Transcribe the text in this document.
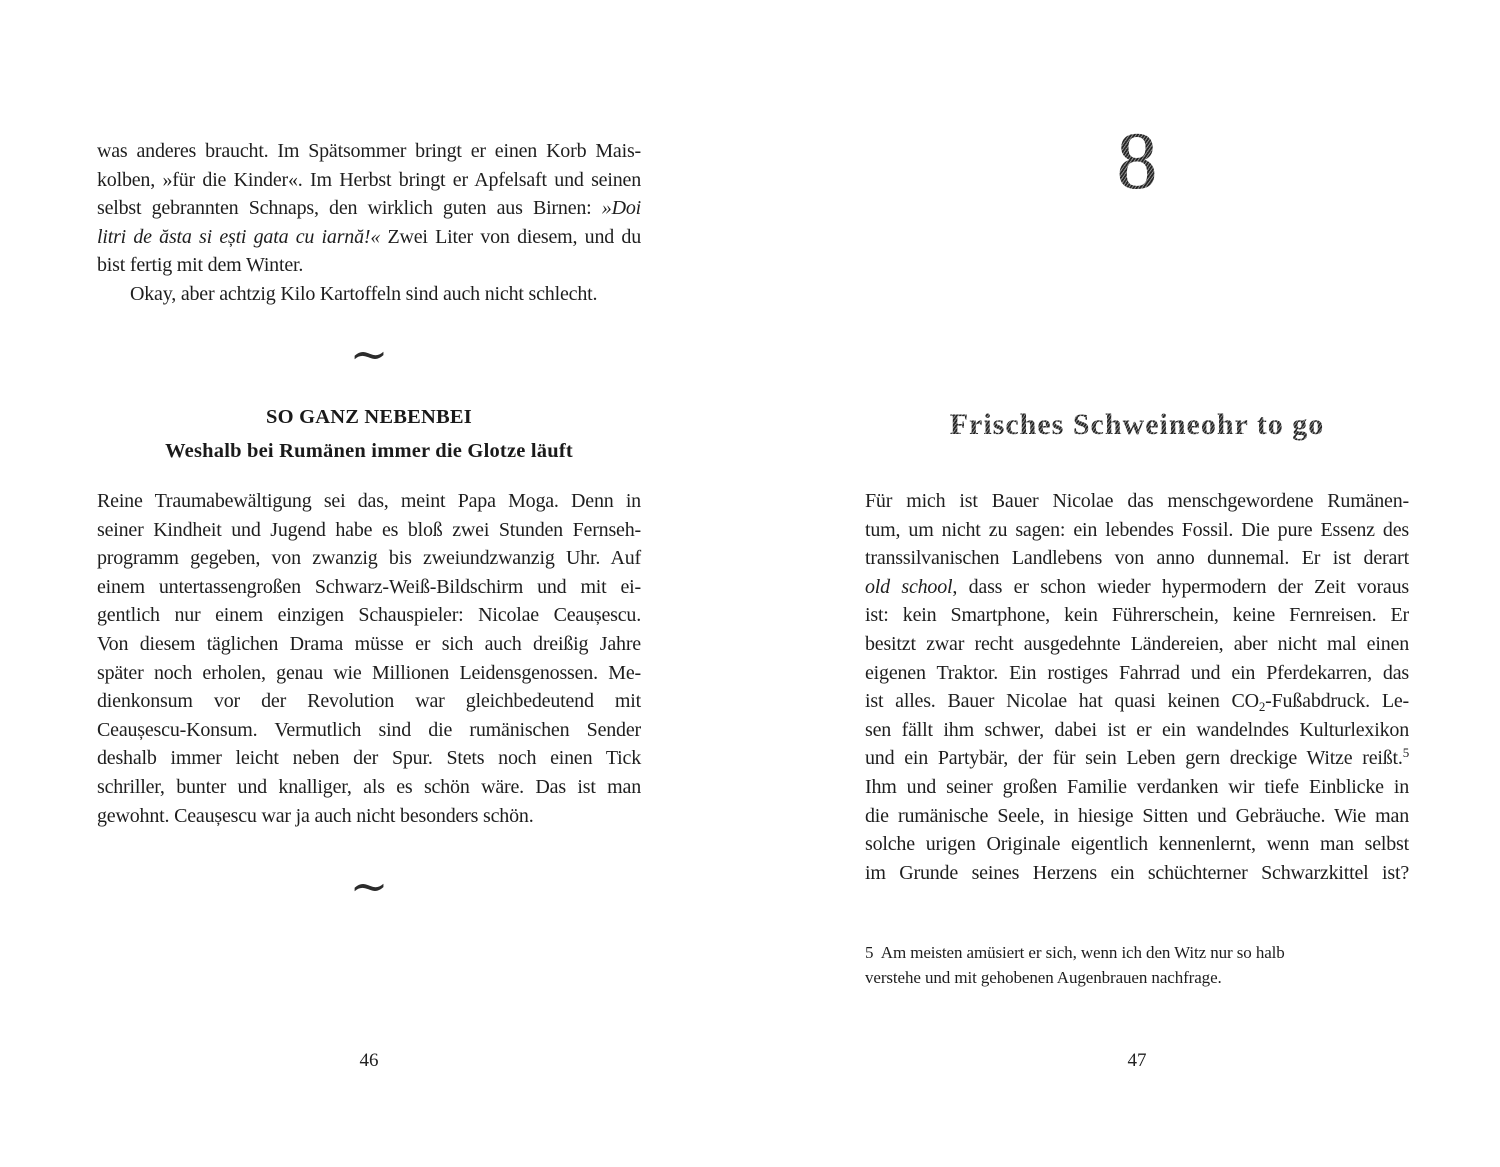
was anderes braucht. Im Spätsommer bringt er einen Korb Mais-
kolben, »für die Kinder«. Im Herbst bringt er Apfelsaft und seinen
selbst gebrannten Schnaps, den wirklich guten aus Birnen: »Doi
litri de ăsta si ești gata cu iarnă!« Zwei Liter von diesem, und du
bist fertig mit dem Winter.
Okay, aber achtzig Kilo Kartoffeln sind auch nicht schlecht.
~
SO GANZ NEBENBEI
Weshalb bei Rumänen immer die Glotze läuft
Reine Traumabewältigung sei das, meint Papa Moga. Denn in
seiner Kindheit und Jugend habe es bloß zwei Stunden Fernseh-
programm gegeben, von zwanzig bis zweiundzwanzig Uhr. Auf
einem untertassengroßen Schwarz-Weiß-Bildschirm und mit ei-
gentlich nur einem einzigen Schauspieler: Nicolae Ceaușescu.
Von diesem täglichen Drama müsse er sich auch dreißig Jahre
später noch erholen, genau wie Millionen Leidensgenossen. Me-
dienkonsum vor der Revolution war gleichbedeutend mit
Ceaușescu-Konsum. Vermutlich sind die rumänischen Sender
deshalb immer leicht neben der Spur. Stets noch einen Tick
schriller, bunter und knalliger, als es schön wäre. Das ist man
gewohnt. Ceaușescu war ja auch nicht besonders schön.
~
46
8
Frisches Schweineohr to go
Für mich ist Bauer Nicolae das menschgewordene Rumänen-
tum, um nicht zu sagen: ein lebendes Fossil. Die pure Essenz des
transsilvanischen Landlebens von anno dunnemal. Er ist derart
old school, dass er schon wieder hypermodern der Zeit voraus
ist: kein Smartphone, kein Führerschein, keine Fernreisen. Er
besitzt zwar recht ausgedehnte Ländereien, aber nicht mal einen
eigenen Traktor. Ein rostiges Fahrrad und ein Pferdekarren, das
ist alles. Bauer Nicolae hat quasi keinen $CO_2$-Fußabdruck. Le-
sen fällt ihm schwer, dabei ist er ein wandelndes Kulturlexikon
und ein Partybär, der für sein Leben gern dreckige Witze reißt.$^5$
Ihm und seiner großen Familie verdanken wir tiefe Einblicke in
die rumänische Seele, in hiesige Sitten und Gebräuche. Wie man
solche urigen Originale eigentlich kennenlernt, wenn man selbst
im Grunde seines Herzens ein schüchterner Schwarzkittel ist?
5  Am meisten amüsiert er sich, wenn ich den Witz nur so halb
verstehe und mit gehobenen Augenbrauen nachfrage.
47
